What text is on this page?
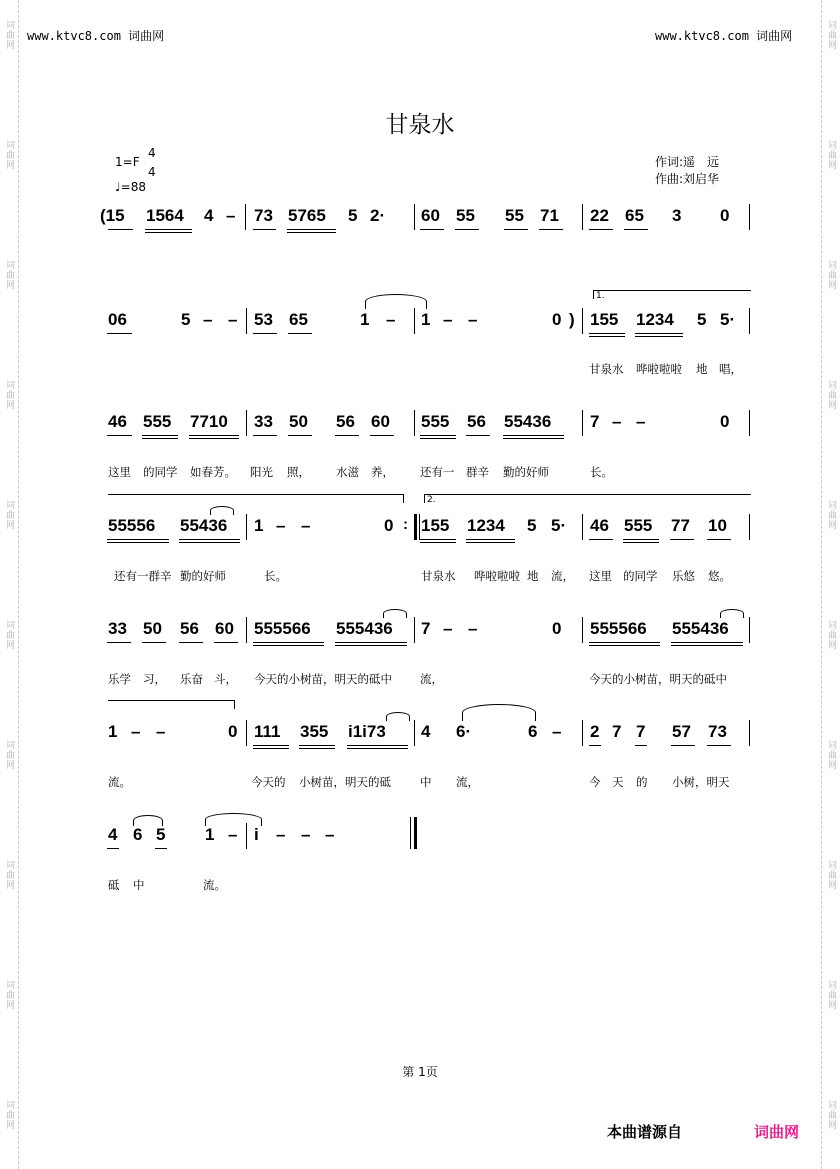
词曲网
词曲网
词曲网
词曲网
词曲网
词曲网
词曲网
词曲网
词曲网
词曲网
词曲网
词曲网
词曲网
词曲网
词曲网
词曲网
词曲网
词曲网
词曲网
词曲网
www.ktvc8.com 词曲网	www.ktvc8.com 词曲网
甘泉水
1=F
4
4
♩=88
作词:遥　远
作曲:刘启华
(15 1564 4 – 73 5765 5 2· 60 55 55 71 22 65 3 0
1.
06	5 – – 53 65	1 – 1 – –	0 ) 155 1234 5 5·
甘泉水 哗啦啦啦 地 唱，
46 555 7710 33 50 56 60 555 56 55436 7 – –	0
这里 的同学 如春芳。 阳光 照， 水滋 养， 还有一 群辛 勤的好师	长。
2.
55556 55436 1 – –	0 : 155 1234 5 5· 46 555 77 10
还有一群辛 勤的好师	长。	甘泉水 哗啦啦啦 地 流， 这里 的同学 乐悠 悠。
33 50 56 60 555566 555436 7 – –	0 555566 555436
乐学 习， 乐奋 斗， 今天的小树苗，明天的砥中 流，	今天的小树苗，明天的砥中
1 – –	0 111 355 i1i73 4 6·	6 – 2 7 7 57 73
流。	今天的 小树苗，明天的砥	中 流，	今 天 的 小树，明天
4 6 5 1 – i – – –
砥 中	流。
第 1页
本曲谱源自	词曲网
